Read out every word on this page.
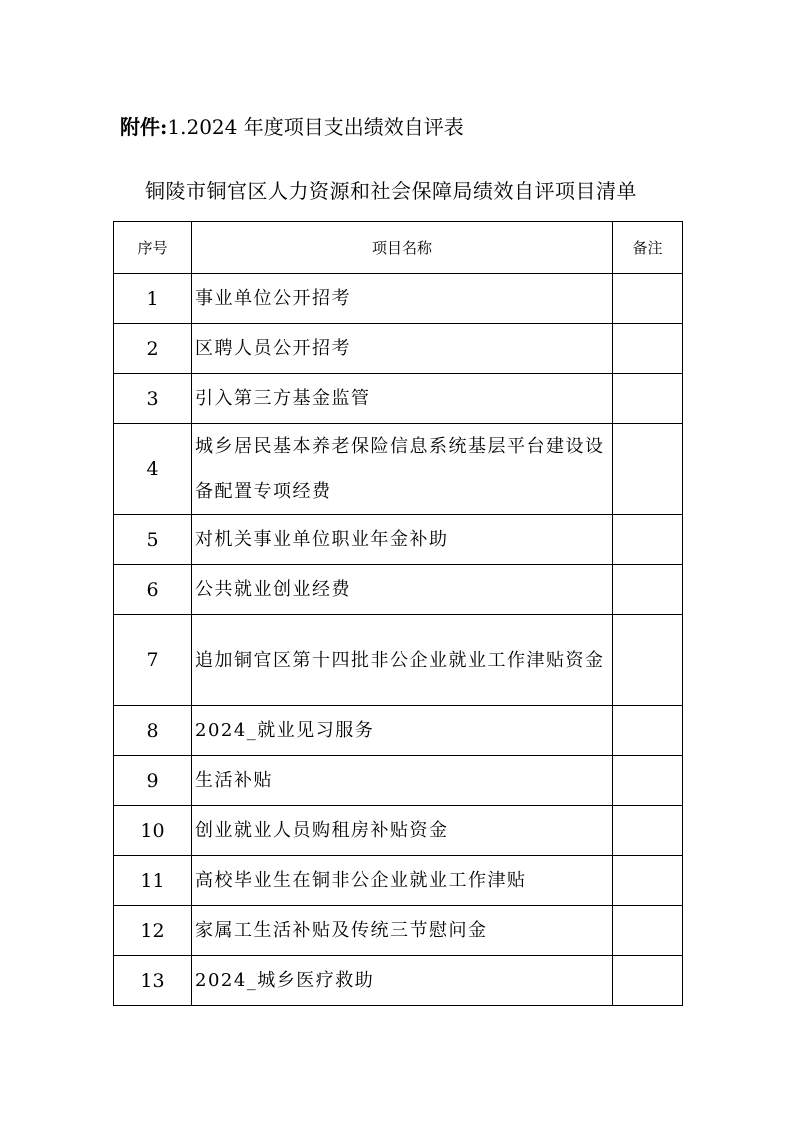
附件:1.2024 年度项目支出绩效自评表
铜陵市铜官区人力资源和社会保障局绩效自评项目清单
序号	项目名称	备注
1	事业单位公开招考	
2	区聘人员公开招考	
3	引入第三方基金监管	
4	城乡居民基本养老保险信息系统基层平台建设设备配置专项经费	
5	对机关事业单位职业年金补助	
6	公共就业创业经费	
7	追加铜官区第十四批非公企业就业工作津贴资金	
8	2024_就业见习服务	
9	生活补贴	
10	创业就业人员购租房补贴资金	
11	高校毕业生在铜非公企业就业工作津贴	
12	家属工生活补贴及传统三节慰问金	
13	2024_城乡医疗救助	
